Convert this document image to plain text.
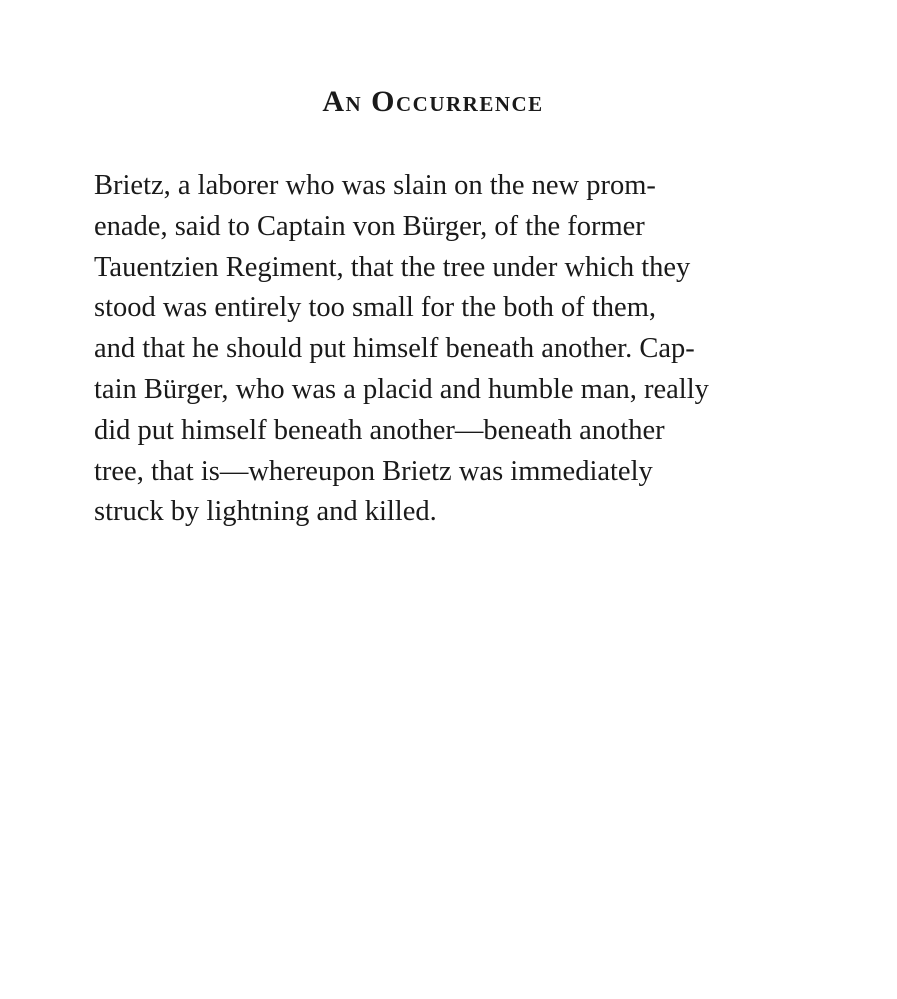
An Occurrence

Brietz, a laborer who was slain on the new prom-
enade, said to Captain von Bürger, of the former
Tauentzien Regiment, that the tree under which they
stood was entirely too small for the both of them,
and that he should put himself beneath another. Cap-
tain Bürger, who was a placid and humble man, really
did put himself beneath another—beneath another
tree, that is—whereupon Brietz was immediately
struck by lightning and killed.
